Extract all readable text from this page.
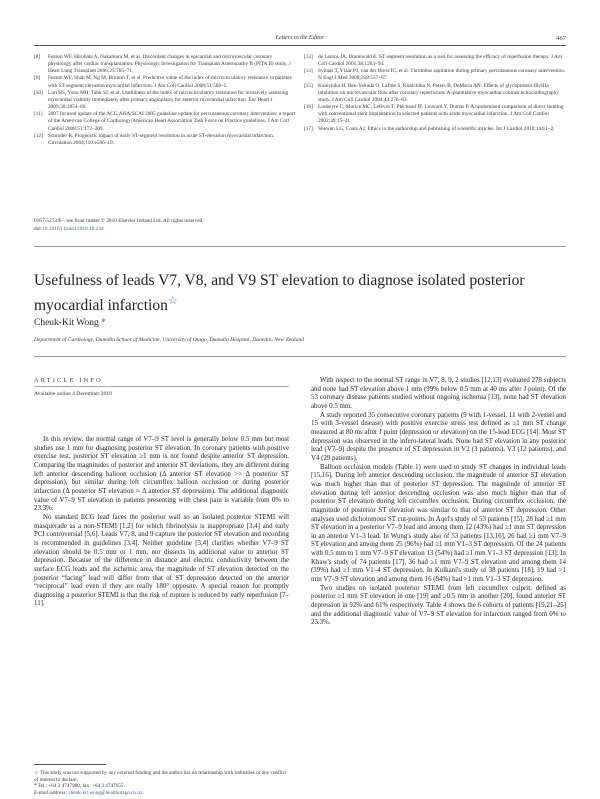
Letters to the Editor	467
[8] Fearon WF, Hirohata A, Nakamura M, et al. Discordant changes in epicardial and microvascular coronary physiology after cardiac transplantation: Physiologic Investigation for Transplant Arteriopathy II (PITA II) study. J Heart Lung Transplant 2006;25:765–71.
[9] Fearon WF, Shah M, Ng M, Brinton T, et al. Predictive value of the index of microcirculatory resistance in patients with ST-segment elevation myocardial infarction. J Am Coll Cardiol 2008;51:560–5.
[10] Lim HS, Yoon MH, Tahk SJ, et al. Usefulness of the index of microcirculatory resistance for invasively assessing myocardial viability immediately after primary angioplasty for anterior myocardial infarction. Eur Heart J 2009;30:2854–60.
[11] 2007 focused update of the ACC/AHA/SCAI 2005 guideline update for percutaneous coronary intervention: a report of the American College of Cardiology/American Heart Association Task Force on Practice guidelines. J Am Coll Cardiol 2008;51:172–209.
[12] Schroder R. Prognostic impact of early ST-segment resolution in acute ST-elevation myocardial infarction. Circulation 2004;110:e506–10.
[13] de Lemos JA, Braunwald E. ST segment resolution as a tool for assessing the efficacy of reperfusion therapy. J Am Coll Cardiol 2001;38:1283–94.
[14] Svilaas T, Vlaar PJ, van der Horst IC, et al. Thrombus aspiration during primary percutaneous coronary intervention. N Engl J Med 2008;358:557–67.
[15] Kunichika H, Ben-Yehuda O, Lafitte S, Kunichika N, Peters B, DeMaria AN. Effects of glycoprotein IIb/IIIa inhibition on microvascular flow after coronary reperfusion. A quantitative myocardial contrast echocardiography study. J Am Coll Cardiol 2004;43:276–83.
[16] Loubeyre C, Morice MC, Lefèvre T, Piéchaud JF, Louvard Y, Dumas P. A randomized comparison of direct stenting with conventional stent implantation in selected patients with acute myocardial infarction. J Am Coll Cardiol 2002;39:15–21.
[17] Shewan LG, Coats AJ. Ethics in the authorship and publishing of scientific articles. Int J Cardiol 2010;144:1–2.
0167-5273/$ – see front matter © 2010 Elsevier Ireland Ltd. All rights reserved.
doi:10.1016/j.ijcard.2010.10.134
Usefulness of leads V7, V8, and V9 ST elevation to diagnose isolated posterior myocardial infarction☆
Cheuk-Kit Wong *
Department of Cardiology, Dunedin School of Medicine, University of Otago, Dunedin Hospital, Dunedin, New Zealand
ARTICLE INFO
Available online 4 December 2010

In this review, the normal range of V7–9 ST level is generally below 0.5 mm but most studies use 1 mm for diagnosing posterior ST elevation. In coronary patients with positive exercise test, posterior ST elevation ≥1 mm is not found despite anterior ST depression. Comparing the magnitudes of posterior and anterior ST deviations, they are different during left anterior descending balloon occlusion (Δ anterior ST elevation >> Δ posterior ST depression), but similar during left circumflex balloon occlusion or during posterior infarction (Δ posterior ST elevation ≈ Δ anterior ST depression). The additional diagnostic value of V7–9 ST elevation in patients presenting with chest pain is variable from 0% to 23.3%.

No standard ECG lead faces the posterior wall so an isolated posterior STEMI will masquerade as a non-STEMI [1,2] for which fibrinolysis is inappropriate [3,4] and early PCI controversial [5,6]. Leads V7, 8, and 9 capture the posterior ST elevation and recording is recommended in guidelines [3,4]. Neither guideline [3,4] clarifies whether V7–9 ST elevation should be 0.5 mm or 1 mm, nor dissects its additional value to anterior ST depression. Because of the difference in distance and electric conductivity between the surface ECG leads and the ischemic area, the magnitude of ST elevation detected on the posterior “facing” lead will differ from that of ST depression detected on the anterior “reciprocal” lead even if they are really 180° opposite. A special reason for promptly diagnosing a posterior STEMI is that the risk of rupture is reduced by early reperfusion [7–11].

With respect to the normal ST range in V7, 8, 9, 2 studies [12,13] evaluated 278 subjects and none had ST elevation above 1 mm (99% below 0.5 mm at 40 ms after J point). Of the 53 coronary disease patients studied without ongoing ischemia [13], none had ST elevation above 0.5 mm.

A study reported 35 consecutive coronary patients (9 with 1-vessel, 11 with 2-vessel and 15 with 3-vessel disease) with positive exercise stress test defined as ≥1 mm ST change measured at 80 ms after J point (depression or elevation) on the 15-lead ECG [14]. Most ST depression was observed in the infero-lateral leads. None had ST elevation in any posterior lead (V7–9) despite the presence of ST depression in V2 (3 patients), V3 (12 patients), and V4 (29 patients).

Balloon occlusion models (Table 1) were used to study ST changes in individual leads [15,16]. During left anterior descending occlusion, the magnitude of anterior ST elevation was much higher than that of posterior ST depression. The magnitude of anterior ST elevation during left anterior descending occlusion was also much higher than that of posterior ST elevation during left circumflex occlusion. During circumflex occlusion, the magnitude of posterior ST elevation was similar to that of anterior ST depression. Other analyses used dichotomous ST cut-points. In Aqel's study of 53 patients [15], 28 had ≥1 mm ST elevation in a posterior V7–9 lead and among them 12 (43%) had ≥1 mm ST depression in an anterior V1–3 lead. In Wung's study also of 53 patients [13,16], 26 had ≥1 mm V7–9 ST elevation and among them 25 (96%) had ≥1 mm V1–3 ST depression. Of the 24 patients with 0.5 mm to 1 mm V7–9 ST elevation 13 (54%) had ≥1 mm V1–3 ST depression [13]. In Khaw's study of 74 patients [17], 36 had ≥1 mm V7–9 ST elevation and among them 14 (39%) had ≥1 mm V1–4 ST depression. In Kulkani's study of 38 patients [18], 19 had >1 mm V7–9 ST elevation and among them 16 (84%) had >1 mm V1–3 ST depression.

Two studies on isolated posterior STEMI from left circumflex culprit, defined as posterior ≥1 mm ST elevation in one [19] and ≥0.5 mm in another [20], found anterior ST depression in 92% and 61% respectively. Table 4 shows the 6 cohorts of patients [19,21–25] and the additional diagnostic value of V7–9 ST elevation for infarction ranged from 0% to 23.3%.

☆ This study was not supported by any external funding and the author has no relationship with industries or any conflict of interest to declare.
* Tel.: +64 3 4747980; fax: +64 3 4747655.
E-mail address: cheuk-kit.wong@healthotago.co.nz.
